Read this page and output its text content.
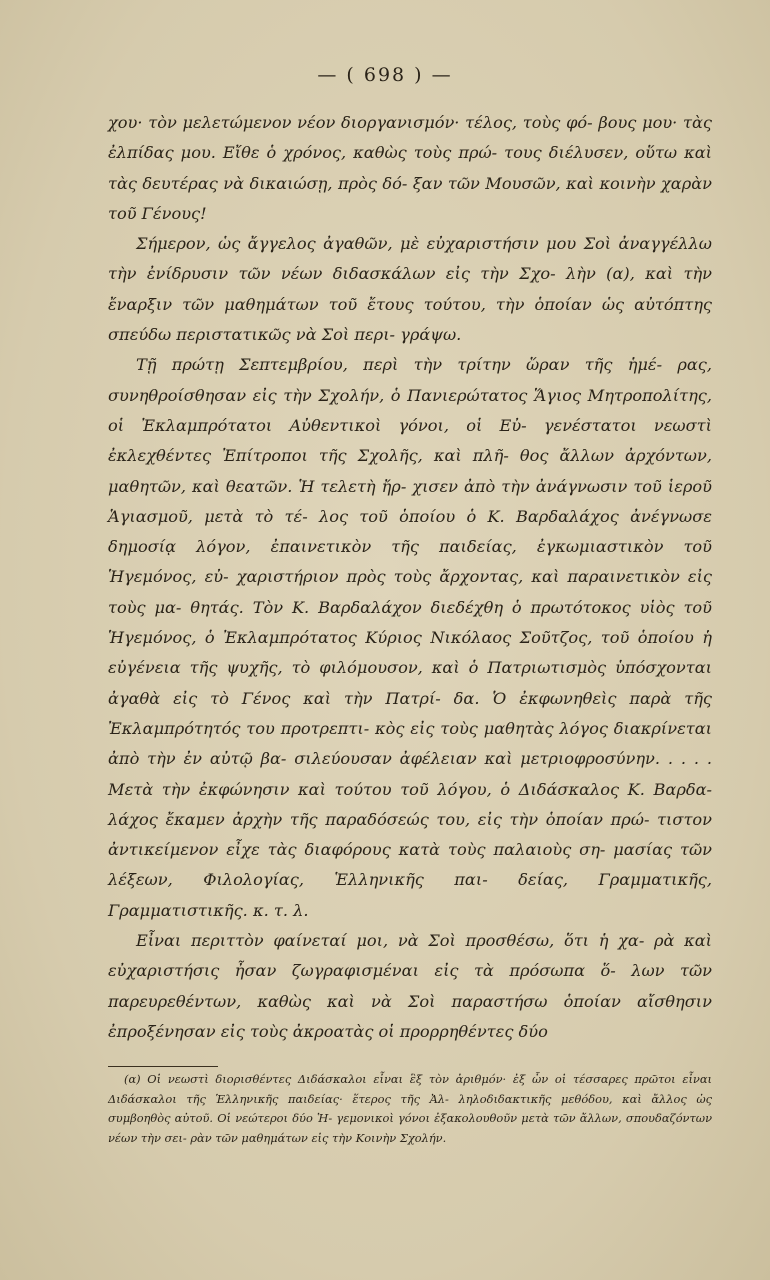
— ( 698 ) —

χου· τὸν μελετώμενον νέον διοργανισμόν· τέλος, τοὺς φό- βους μου· τὰς ἐλπίδας μου. Εἴθε ὁ χρόνος, καθὼς τοὺς πρώ- τους διέλυσεν, οὕτω καὶ τὰς δευτέρας νὰ δικαιώσῃ, πρὸς δό- ξαν τῶν Μουσῶν, καὶ κοινὴν χαρὰν τοῦ Γένους!

Σήμερον, ὡς ἄγγελος ἀγαθῶν, μὲ εὐχαριστήσιν μου Σοὶ ἀναγγέλλω τὴν ἐνίδρυσιν τῶν νέων διδασκάλων εἰς τὴν Σχο- λὴν (α), καὶ τὴν ἔναρξιν τῶν μαθημάτων τοῦ ἔτους τούτου, τὴν ὁποίαν ὡς αὐτόπτης σπεύδω περιστατικῶς νὰ Σοὶ περι- γράψω.

Τῇ πρώτῃ Σεπτεμβρίου, περὶ τὴν τρίτην ὥραν τῆς ἡμέ- ρας, συνηθροίσθησαν εἰς τὴν Σχολήν, ὁ Πανιερώτατος Ἅγιος Μητροπολίτης, οἱ Ἐκλαμπρότατοι Αὐθεντικοὶ γόνοι, οἱ Εὐ- γενέστατοι νεωστὶ ἐκλεχθέντες Ἐπίτροποι τῆς Σχολῆς, καὶ πλῆ- θος ἄλλων ἀρχόντων, μαθητῶν, καὶ θεατῶν. Ἡ τελετὴ ἤρ- χισεν ἀπὸ τὴν ἀνάγνωσιν τοῦ ἱεροῦ Ἁγιασμοῦ, μετὰ τὸ τέ- λος τοῦ ὁποίου ὁ Κ. Βαρδαλάχος ἀνέγνωσε δημοσίᾳ λόγον, ἐπαινετικὸν τῆς παιδείας, ἐγκωμιαστικὸν τοῦ Ἡγεμόνος, εὐ- χαριστήριον πρὸς τοὺς ἄρχοντας, καὶ παραινετικὸν εἰς τοὺς μα- θητάς. Τὸν Κ. Βαρδαλάχον διεδέχθη ὁ πρωτότοκος υἱὸς τοῦ Ἡγεμόνος, ὁ Ἐκλαμπρότατος Κύριος Νικόλαος Σοῦτζος, τοῦ ὁποίου ἡ εὐγένεια τῆς ψυχῆς, τὸ φιλόμουσον, καὶ ὁ Πατριωτισμὸς ὑπόσχονται ἀγαθὰ εἰς τὸ Γένος καὶ τὴν Πατρί- δα. Ὁ ἐκφωνηθεὶς παρὰ τῆς Ἐκλαμπρότητός του προτρεπτι- κὸς εἰς τοὺς μαθητὰς λόγος διακρίνεται ἀπὸ τὴν ἐν αὐτῷ βα- σιλεύουσαν ἀφέλειαν καὶ μετριοφροσύνην. . . . . Μετὰ τὴν ἐκφώνησιν καὶ τούτου τοῦ λόγου, ὁ Διδάσκαλος Κ. Βαρδα- λάχος ἔκαμεν ἀρχὴν τῆς παραδόσεώς του, εἰς τὴν ὁποίαν πρώ- τιστον ἀντικείμενον εἶχε τὰς διαφόρους κατὰ τοὺς παλαιοὺς ση- μασίας τῶν λέξεων, Φιλολογίας, Ἑλληνικῆς παι- δείας, Γραμματικῆς, Γραμματιστικῆς. κ. τ. λ.

Εἶναι περιττὸν φαίνεταί μοι, νὰ Σοὶ προσθέσω, ὅτι ἡ χα- ρὰ καὶ εὐχαριστήσις ἦσαν ζωγραφισμέναι εἰς τὰ πρόσωπα ὅ- λων τῶν παρευρεθέντων, καθὼς καὶ νὰ Σοὶ παραστήσω ὁποίαν αἴσθησιν ἐπροξένησαν εἰς τοὺς ἀκροατὰς οἱ προρρηθέντες δύο

(α) Οἱ νεωστὶ διορισθέντες Διδάσκαλοι εἶναι ἓξ τὸν ἀριθμόν· ἐξ ὧν οἱ τέσσαρες πρῶτοι εἶναι Διδάσκαλοι τῆς Ἑλληνικῆς παιδείας· ἕτερος τῆς Ἀλ- ληλοδιδακτικῆς μεθόδου, καὶ ἄλλος ὡς συμβοηθὸς αὐτοῦ. Οἱ νεώτεροι δύο Ἡ- γεμονικοὶ γόνοι ἐξακολουθοῦν μετὰ τῶν ἄλλων, σπουδαζόντων νέων τὴν σει- ρὰν τῶν μαθημάτων εἰς τὴν Κοινὴν Σχολήν.
